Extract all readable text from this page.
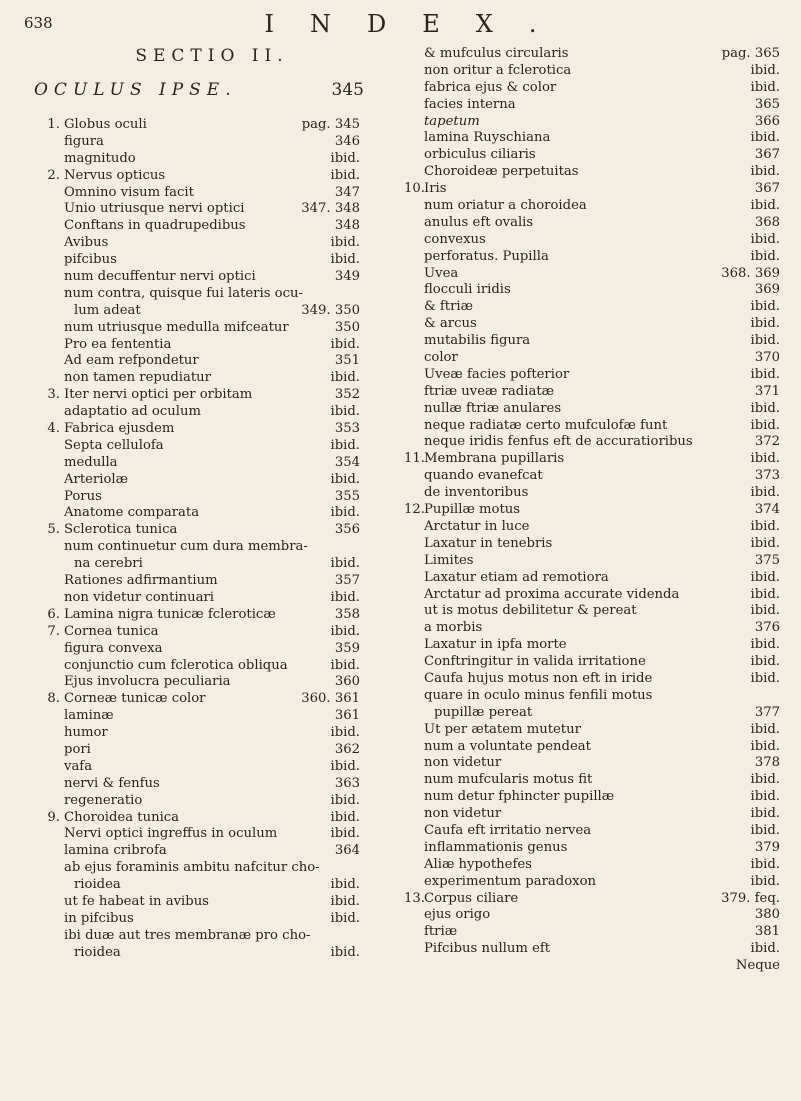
638	INDEX.
SECTIO II.
OCULUS IPSE.	345
1. Globus oculi	pag. 345
figura	346
magnitudo	ibid.
2. Nervus opticus	ibid.
Omnino visum facit	347
Unio utriusque nervi optici	347. 348
Conftans in quadrupedibus	348
Avibus	ibid.
pifcibus	ibid.
num decuffentur nervi optici	349
num contra, quisque fui lateris ocu-
lum adeat	349. 350
num utriusque medulla mifceatur	350
Pro ea fententia	ibid.
Ad eam refpondetur	351
non tamen repudiatur	ibid.
3. Iter nervi optici per orbitam	352
adaptatio ad oculum	ibid.
4. Fabrica ejusdem	353
Septa cellulofa	ibid.
medulla	354
Arteriolæ	ibid.
Porus	355
Anatome comparata	ibid.
5. Sclerotica tunica	356
num continuetur cum dura membra-
na cerebri	ibid.
Rationes adfirmantium	357
non videtur continuari	ibid.
6. Lamina nigra tunicæ fcleroticæ	358
7. Cornea tunica	ibid.
figura convexa	359
conjunctio cum fclerotica obliqua	ibid.
Ejus involucra peculiaria	360
8. Corneæ tunicæ color	360. 361
laminæ	361
humor	ibid.
pori	362
vafa	ibid.
nervi & fenfus	363
regeneratio	ibid.
9. Choroidea tunica	ibid.
Nervi optici ingreffus in oculum	ibid.
lamina cribrofa	364
ab ejus foraminis ambitu nafcitur cho-
rioidea	ibid.
ut fe habeat in avibus	ibid.
in pifcibus	ibid.
ibi duæ aut tres membranæ pro cho-
rioidea	ibid.
& mufculus circularis	pag. 365
non oritur a fclerotica	ibid.
fabrica ejus & color	ibid.
facies interna	365
tapetum	366
lamina Ruyschiana	ibid.
orbiculus ciliaris	367
Choroideæ perpetuitas	ibid.
10. Iris	367
num oriatur a choroidea	ibid.
anulus eft ovalis	368
convexus	ibid.
perforatus. Pupilla	ibid.
Uvea	368. 369
flocculi iridis	369
& ftriæ	ibid.
& arcus	ibid.
mutabilis figura	ibid.
color	370
Uveæ facies pofterior	ibid.
ftriæ uveæ radiatæ	371
nullæ ftriæ anulares	ibid.
neque radiatæ certo mufculofæ funt	ibid.
neque iridis fenfus eft de accuratioribus	372
11. Membrana pupillaris	ibid.
quando evanefcat	373
de inventoribus	ibid.
12. Pupillæ motus	374
Arctatur in luce	ibid.
Laxatur in tenebris	ibid.
Limites	375
Laxatur etiam ad remotiora	ibid.
Arctatur ad proxima accurate videnda	ibid.
ut is motus debilitetur & pereat	ibid.
a morbis	376
Laxatur in ipfa morte	ibid.
Conftringitur in valida irritatione	ibid.
Caufa hujus motus non eft in iride	ibid.
quare in oculo minus fenfili motus
pupillæ pereat	377
Ut per ætatem mutetur	ibid.
num a voluntate pendeat	ibid.
non videtur	378
num mufcularis motus fit	ibid.
num detur fphincter pupillæ	ibid.
non videtur	ibid.
Caufa eft irritatio nervea	ibid.
inflammationis genus	379
Aliæ hypothefes	ibid.
experimentum paradoxon	ibid.
13. Corpus ciliare	379. feq.
ejus origo	380
ftriæ	381
Pifcibus nullum eft	ibid.
Neque
